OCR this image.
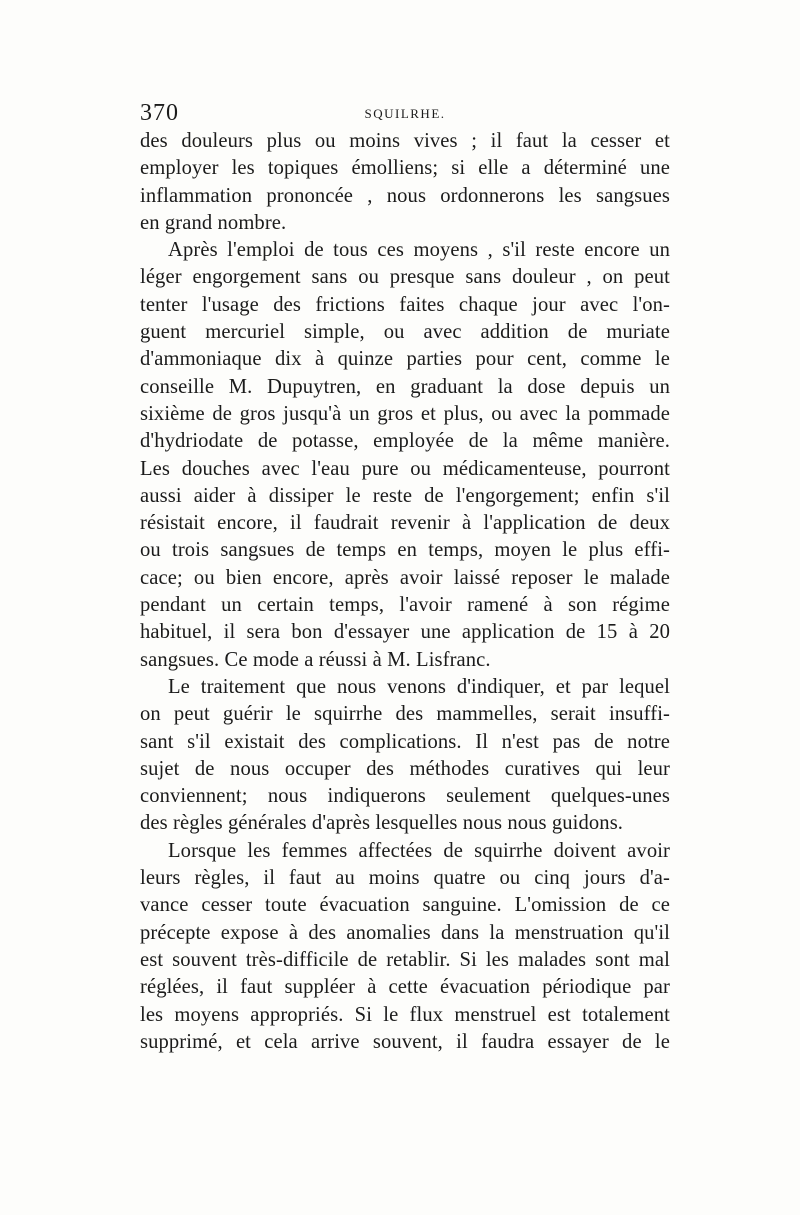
370	SQUILRHE.
des douleurs plus ou moins vives ; il faut la cesser et
employer les topiques émolliens; si elle a déterminé une
inflammation prononcée , nous ordonnerons les sangsues
en grand nombre.
Après l'emploi de tous ces moyens , s'il reste encore un
léger engorgement sans ou presque sans douleur , on peut
tenter l'usage des frictions faites chaque jour avec l'on-
guent mercuriel simple, ou avec addition de muriate
d'ammoniaque dix à quinze parties pour cent, comme le
conseille M. Dupuytren, en graduant la dose depuis un
sixième de gros jusqu'à un gros et plus, ou avec la pommade
d'hydriodate de potasse, employée de la même manière.
Les douches avec l'eau pure ou médicamenteuse, pourront
aussi aider à dissiper le reste de l'engorgement; enfin s'il
résistait encore, il faudrait revenir à l'application de deux
ou trois sangsues de temps en temps, moyen le plus effi-
cace; ou bien encore, après avoir laissé reposer le malade
pendant un certain temps, l'avoir ramené à son régime
habituel, il sera bon d'essayer une application de 15 à 20
sangsues. Ce mode a réussi à M. Lisfranc.
Le traitement que nous venons d'indiquer, et par lequel
on peut guérir le squirrhe des mammelles, serait insuffi-
sant s'il existait des complications. Il n'est pas de notre
sujet de nous occuper des méthodes curatives qui leur
conviennent; nous indiquerons seulement quelques-unes
des règles générales d'après lesquelles nous nous guidons.
Lorsque les femmes affectées de squirrhe doivent avoir
leurs règles, il faut au moins quatre ou cinq jours d'a-
vance cesser toute évacuation sanguine. L'omission de ce
précepte expose à des anomalies dans la menstruation qu'il
est souvent très-difficile de retablir. Si les malades sont mal
réglées, il faut suppléer à cette évacuation périodique par
les moyens appropriés. Si le flux menstruel est totalement
supprimé, et cela arrive souvent, il faudra essayer de le
